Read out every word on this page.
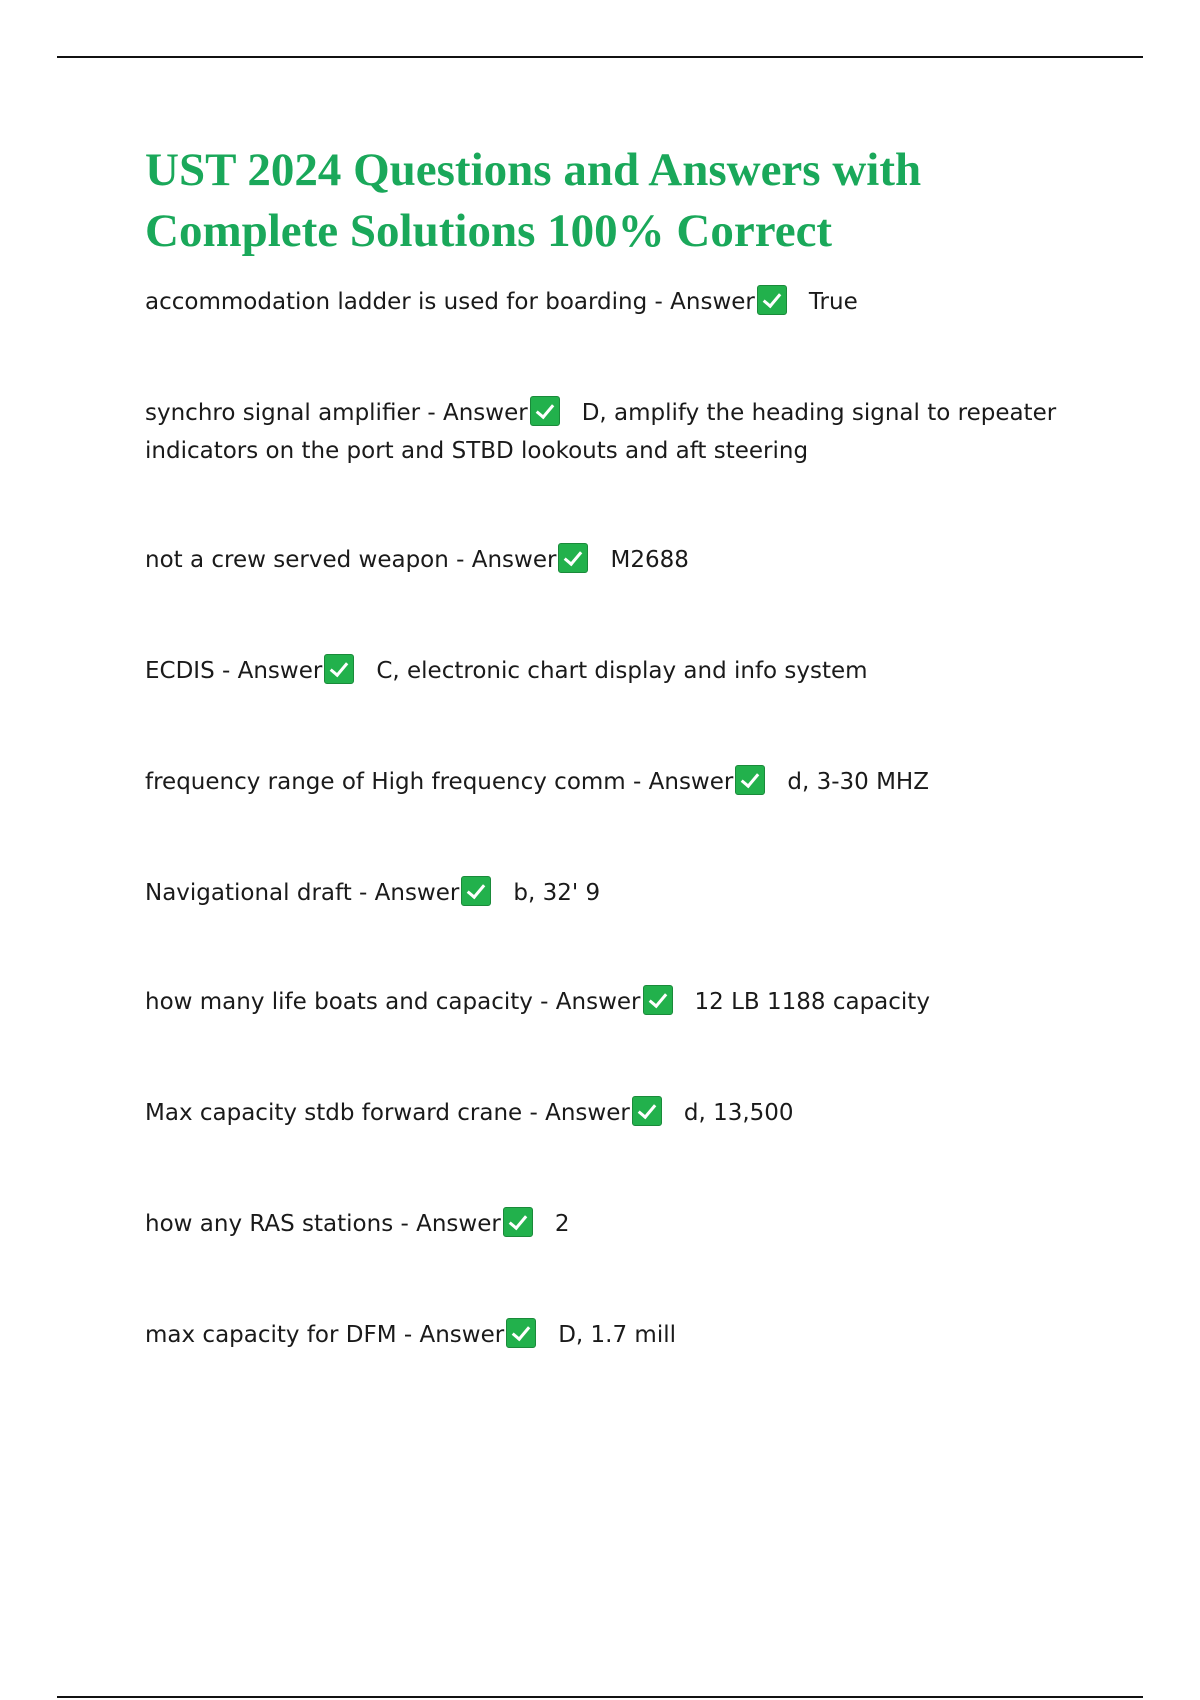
UST 2024 Questions and Answers with Complete Solutions 100% Correct

accommodation ladder is used for boarding - Answer True

synchro signal amplifier - Answer D, amplify the heading signal to repeater indicators on the port and STBD lookouts and aft steering

not a crew served weapon - Answer M2688

ECDIS - Answer C, electronic chart display and info system

frequency range of High frequency comm - Answer d, 3-30 MHZ

Navigational draft - Answer b, 32' 9

how many life boats and capacity - Answer 12 LB 1188 capacity

Max capacity stdb forward crane - Answer d, 13,500

how any RAS stations - Answer 2

max capacity for DFM - Answer D, 1.7 mill
